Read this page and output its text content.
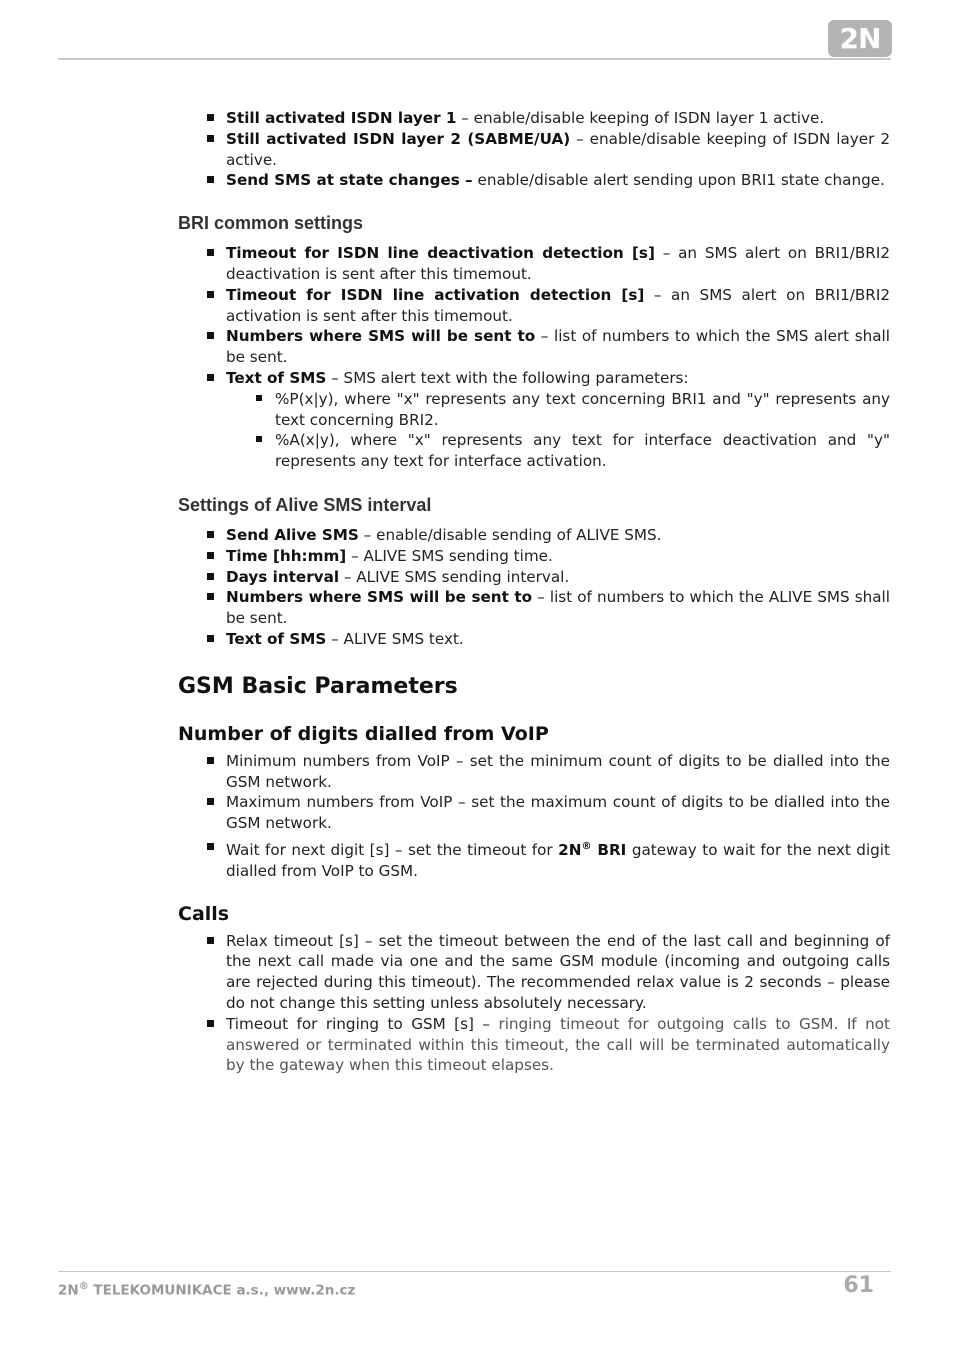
2N
Still activated ISDN layer 1 – enable/disable keeping of ISDN layer 1 active.
Still activated ISDN layer 2 (SABME/UA) – enable/disable keeping of ISDN layer 2 active.
Send SMS at state changes – enable/disable alert sending upon BRI1 state change.
BRI common settings
Timeout for ISDN line deactivation detection [s] – an SMS alert on BRI1/BRI2 deactivation is sent after this timemout.
Timeout for ISDN line activation detection [s] – an SMS alert on BRI1/BRI2 activation is sent after this timemout.
Numbers where SMS will be sent to – list of numbers to which the SMS alert shall be sent.
Text of SMS – SMS alert text with the following parameters:
%P(x|y), where "x" represents any text concerning BRI1 and "y" represents any text concerning BRI2.
%A(x|y), where "x" represents any text for interface deactivation and "y" represents any text for interface activation.
Settings of Alive SMS interval
Send Alive SMS – enable/disable sending of ALIVE SMS.
Time [hh:mm] – ALIVE SMS sending time.
Days interval – ALIVE SMS sending interval.
Numbers where SMS will be sent to – list of numbers to which the ALIVE SMS shall be sent.
Text of SMS – ALIVE SMS text.
GSM Basic Parameters
Number of digits dialled from VoIP
Minimum numbers from VoIP – set the minimum count of digits to be dialled into the GSM network.
Maximum numbers from VoIP – set the maximum count of digits to be dialled into the GSM network.
Wait for next digit [s] – set the timeout for 2N® BRI gateway to wait for the next digit dialled from VoIP to GSM.
Calls
Relax timeout [s] – set the timeout between the end of the last call and beginning of the next call made via one and the same GSM module (incoming and outgoing calls are rejected during this timeout). The recommended relax value is 2 seconds – please do not change this setting unless absolutely necessary.
Timeout for ringing to GSM [s] – ringing timeout for outgoing calls to GSM. If not answered or terminated within this timeout, the call will be terminated automatically by the gateway when this timeout elapses.
2N® TELEKOMUNIKACE a.s., www.2n.cz	61
